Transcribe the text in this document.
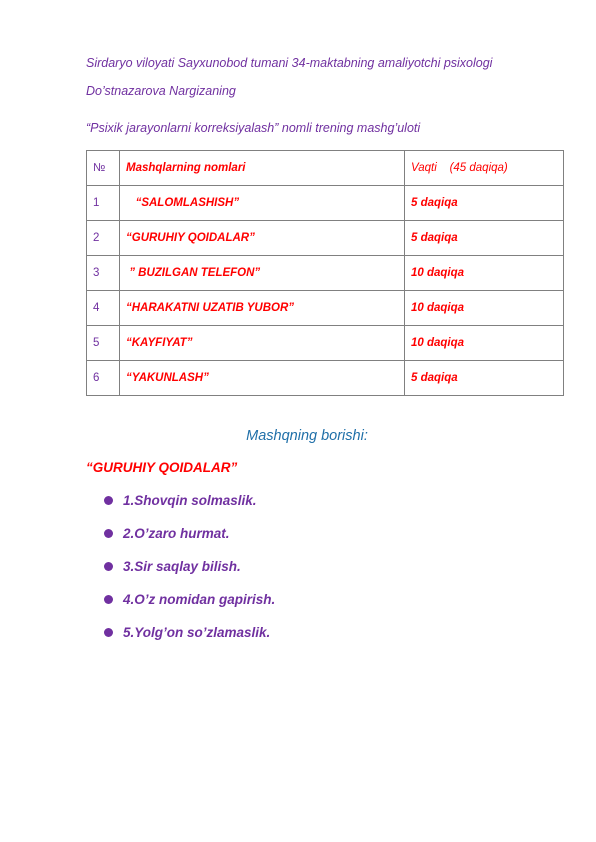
Sirdaryo viloyati Sayxunobod tumani 34-maktabning amaliyotchi psixologi
Do’stnazarova Nargizaning
“Psixik jarayonlarni korreksiyalash” nomli trening mashg’uloti
№	Mashqlarning nomlari	Vaqti    (45 daqiqa)
1	“SALOMLASHISH”	5 daqiqa
2	“GURUHIY QOIDALAR”	5 daqiqa
3	” BUZILGAN TELEFON”	10 daqiqa
4	“HARAKATNI UZATIB YUBOR”	10 daqiqa
5	“KAYFIYAT”	10 daqiqa
6	“YAKUNLASH”	5 daqiqa
Mashqning borishi:
“GURUHIY QOIDALAR”
1.Shovqin solmaslik.
2.O’zaro hurmat.
3.Sir saqlay bilish.
4.O’z nomidan gapirish.
5.Yolg’on so’zlamaslik.
